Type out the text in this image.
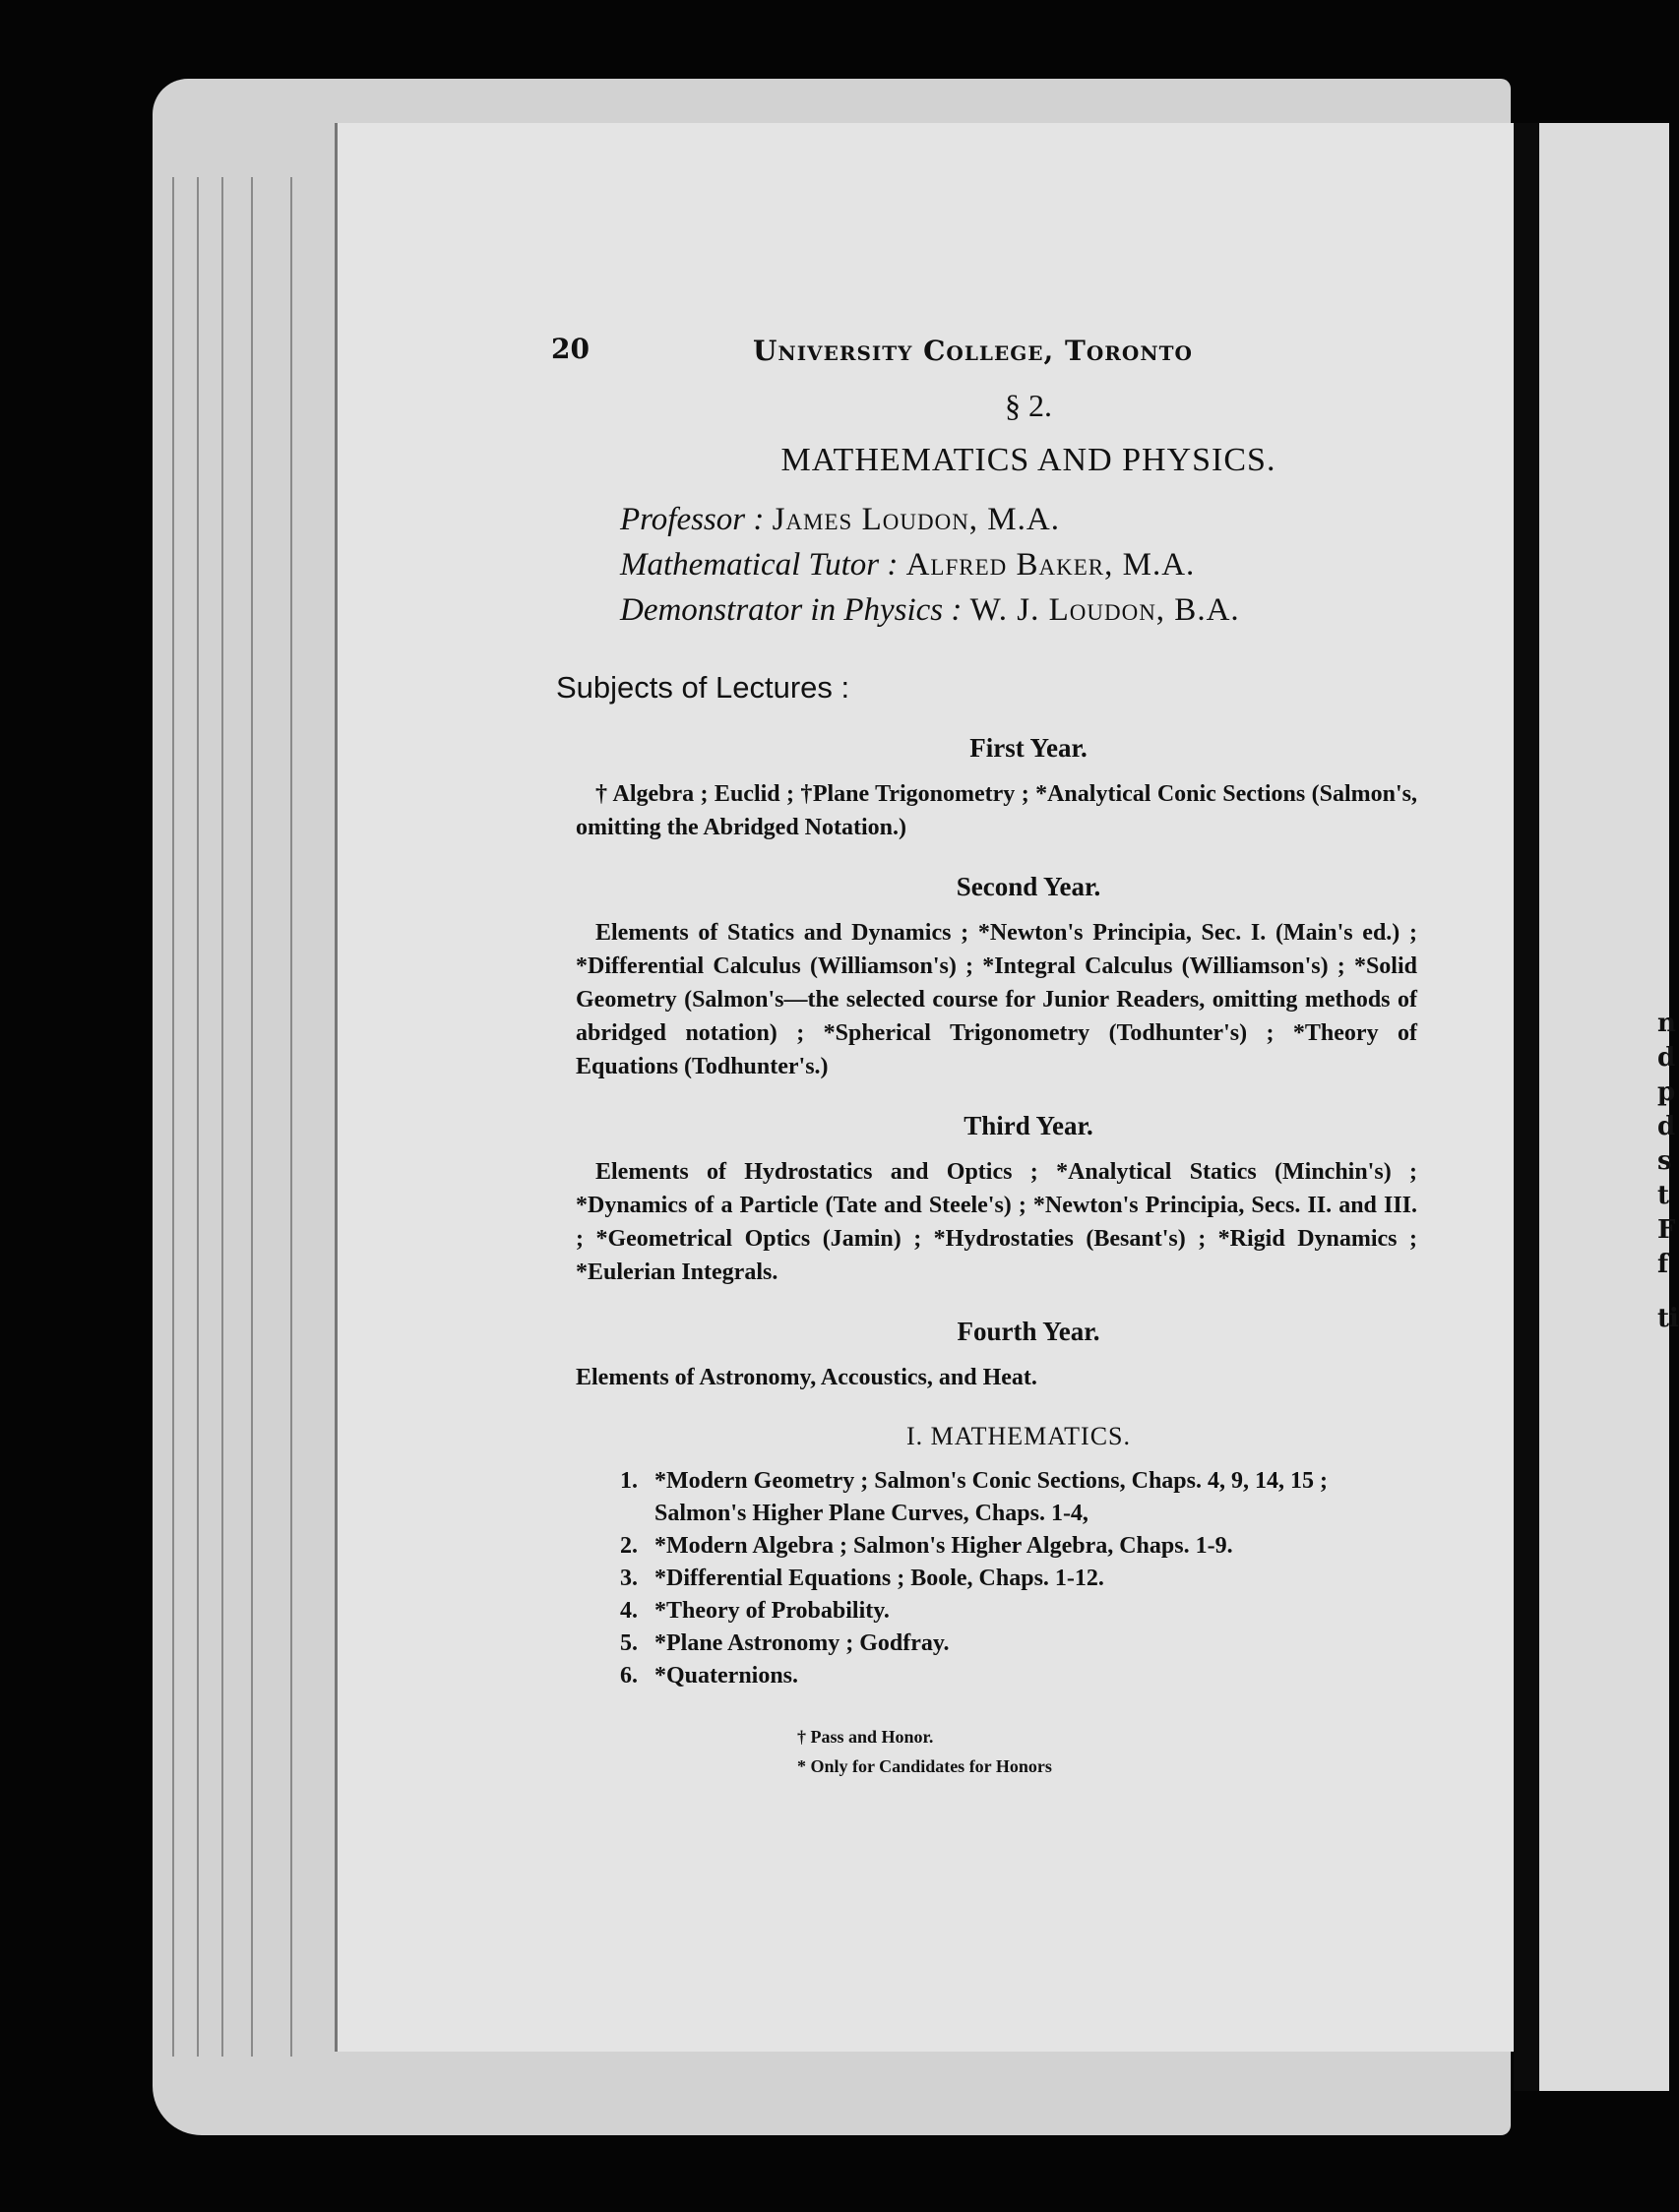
n
d
p
d
s
t
F
f
ti
20	University College, Toronto
§ 2.
MATHEMATICS AND PHYSICS.
Professor : James Loudon, M.A.
Mathematical Tutor : Alfred Baker, M.A.
Demonstrator in Physics : W. J. Loudon, B.A.
Subjects of Lectures :
First Year.
† Algebra ; Euclid ; †Plane Trigonometry ; *Analytical Conic Sections (Salmon's, omitting the Abridged Notation.)
Second Year.
Elements of Statics and Dynamics ; *Newton's Principia, Sec. I. (Main's ed.) ; *Differential Calculus (Williamson's) ; *Integral Calculus (Williamson's) ; *Solid Geometry (Salmon's—the selected course for Junior Readers, omitting methods of abridged notation) ; *Spherical Trigonometry (Todhunter's) ; *Theory of Equations (Todhunter's.)
Third Year.
Elements of Hydrostatics and Optics ; *Analytical Statics (Minchin's) ; *Dynamics of a Particle (Tate and Steele's) ; *Newton's Principia, Secs. II. and III. ; *Geometrical Optics (Jamin) ; *Hydrostaties (Besant's) ; *Rigid Dynamics ; *Eulerian Integrals.
Fourth Year.
Elements of Astronomy, Accoustics, and Heat.
I. MATHEMATICS.
1. *Modern Geometry ; Salmon's Conic Sections, Chaps. 4, 9, 14, 15 ; Salmon's Higher Plane Curves, Chaps. 1-4,
2. *Modern Algebra ; Salmon's Higher Algebra, Chaps. 1-9.
3. *Differential Equations ; Boole, Chaps. 1-12.
4. *Theory of Probability.
5. *Plane Astronomy ; Godfray.
6. *Quaternions.
† Pass and Honor.
* Only for Candidates for Honors
